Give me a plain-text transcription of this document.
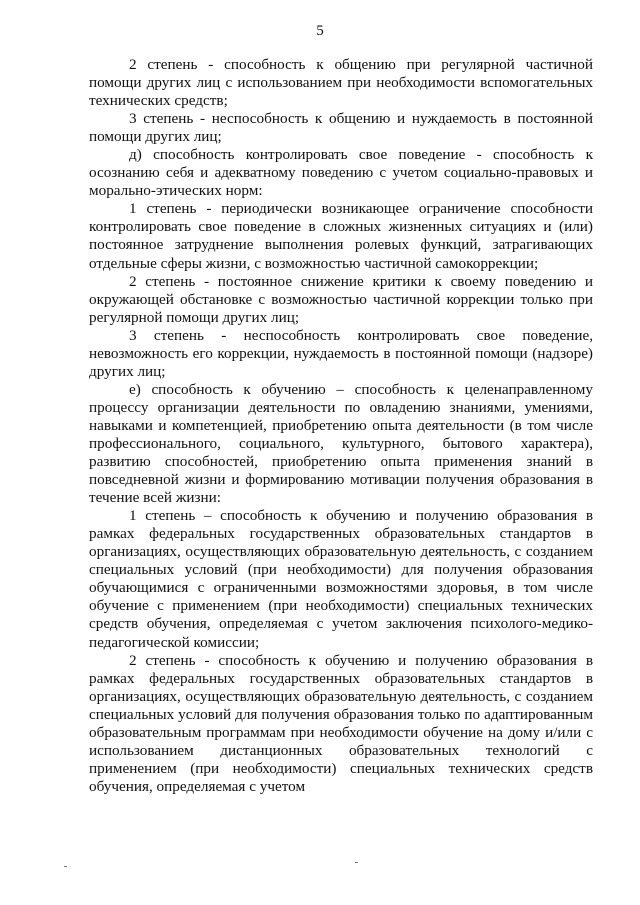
5

2 степень - способность к общению при регулярной частичной помощи других лиц с использованием при необходимости вспомогательных технических средств;

3 степень - неспособность к общению и нуждаемость в постоянной помощи других лиц;

д) способность контролировать свое поведение - способность к осознанию себя и адекватному поведению с учетом социально-правовых и морально-этических норм:

1 степень - периодически возникающее ограничение способности контролировать свое поведение в сложных жизненных ситуациях и (или) постоянное затруднение выполнения ролевых функций, затрагивающих отдельные сферы жизни, с возможностью частичной самокоррекции;

2 степень - постоянное снижение критики к своему поведению и окружающей обстановке с возможностью частичной коррекции только при регулярной помощи других лиц;

3 степень - неспособность контролировать свое поведение, невозможность его коррекции, нуждаемость в постоянной помощи (надзоре) других лиц;

е) способность к обучению – способность к целенаправленному процессу организации деятельности по овладению знаниями, умениями, навыками и компетенцией, приобретению опыта деятельности (в том числе профессионального, социального, культурного, бытового характера), развитию способностей, приобретению опыта применения знаний в повседневной жизни и формированию мотивации получения образования в течение всей жизни:

1 степень – способность к обучению и получению образования в рамках федеральных государственных образовательных стандартов в организациях, осуществляющих образовательную деятельность, с созданием специальных условий (при необходимости) для получения образования обучающимися с ограниченными возможностями здоровья, в том числе обучение с применением (при необходимости) специальных технических средств обучения, определяемая с учетом заключения психолого-медико-педагогической комиссии;

2 степень - способность к обучению и получению образования в рамках федеральных государственных образовательных стандартов в организациях, осуществляющих образовательную деятельность, с созданием специальных условий для получения образования только по адаптированным образовательным программам при необходимости обучение на дому и/или с использованием дистанционных образовательных технологий с применением (при необходимости) специальных технических средств обучения, определяемая с учетом
